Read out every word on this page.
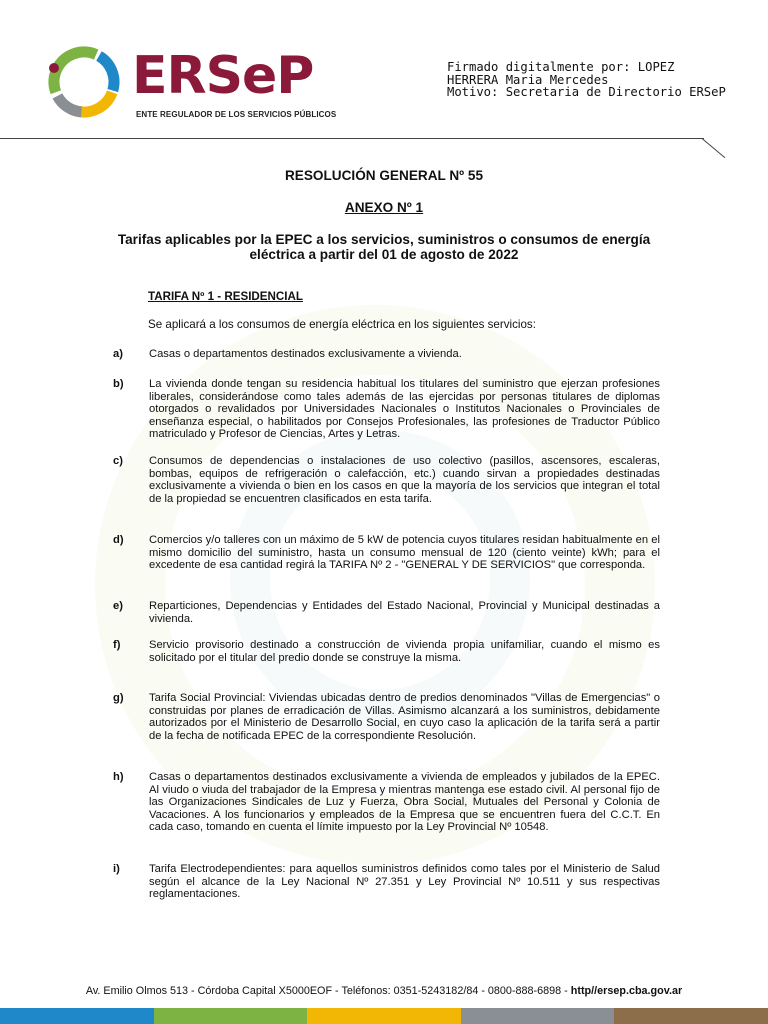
ERSeP
ENTE REGULADOR DE LOS SERVICIOS PÚBLICOS
Firmado digitalmente por: LOPEZ
HERRERA Maria Mercedes
Motivo: Secretaria de Directorio ERSeP
RESOLUCIÓN GENERAL Nº 55
ANEXO Nº 1
Tarifas aplicables por la EPEC a los servicios, suministros o consumos de energía eléctrica a partir del 01 de agosto de 2022
TARIFA Nº 1 - RESIDENCIAL
Se aplicará a los consumos de energía eléctrica en los siguientes servicios:
a) Casas o departamentos destinados exclusivamente a vivienda.
b) La vivienda donde tengan su residencia habitual los titulares del suministro que ejerzan profesiones liberales, considerándose como tales además de las ejercidas por personas titulares de diplomas otorgados o revalidados por Universidades Nacionales o Institutos Nacionales o Provinciales de enseñanza especial, o habilitados por Consejos Profesionales, las profesiones de Traductor Público matriculado y Profesor de Ciencias, Artes y Letras.
c) Consumos de dependencias o instalaciones de uso colectivo (pasillos, ascensores, escaleras, bombas, equipos de refrigeración o calefacción, etc.) cuando sirvan a propiedades destinadas exclusivamente a vivienda o bien en los casos en que la mayoría de los servicios que integran el total de la propiedad se encuentren clasificados en esta tarifa.
d) Comercios y/o talleres con un máximo de 5 kW de potencia cuyos titulares residan habitualmente en el mismo domicilio del suministro, hasta un consumo mensual de 120 (ciento veinte) kWh; para el excedente de esa cantidad regirá la TARIFA Nº 2 - "GENERAL Y DE SERVICIOS" que corresponda.
e) Reparticiones, Dependencias y Entidades del Estado Nacional, Provincial y Municipal destinadas a vivienda.
f)	Servicio provisorio destinado a construcción de vivienda propia unifamiliar, cuando el mismo es solicitado por el titular del predio donde se construye la misma.
g) Tarifa Social Provincial: Viviendas ubicadas dentro de predios denominados "Villas de Emergencias" o construidas por planes de erradicación de Villas. Asimismo alcanzará a los suministros, debidamente autorizados por el Ministerio de Desarrollo Social, en cuyo caso la aplicación de la tarifa será a partir de la fecha de notificada EPEC de la correspondiente Resolución.
h) Casas o departamentos destinados exclusivamente a vivienda de empleados y jubilados de la EPEC. Al viudo o viuda del trabajador de la Empresa y mientras mantenga ese estado civil. Al personal fijo de las Organizaciones Sindicales de Luz y Fuerza, Obra Social, Mutuales del Personal y Colonia de Vacaciones. A los funcionarios y empleados de la Empresa que se encuentren fuera del C.C.T. En cada caso, tomando en cuenta el límite impuesto por la Ley Provincial Nº 10548.
i)	Tarifa Electrodependientes: para aquellos suministros definidos como tales por el Ministerio de Salud según el alcance de la Ley Nacional Nº 27.351 y Ley Provincial Nº 10.511 y sus respectivas reglamentaciones.
Av. Emilio Olmos 513 - Córdoba Capital X5000EOF - Teléfonos: 0351-5243182/84 - 0800-888-6898 - http//ersep.cba.gov.ar
